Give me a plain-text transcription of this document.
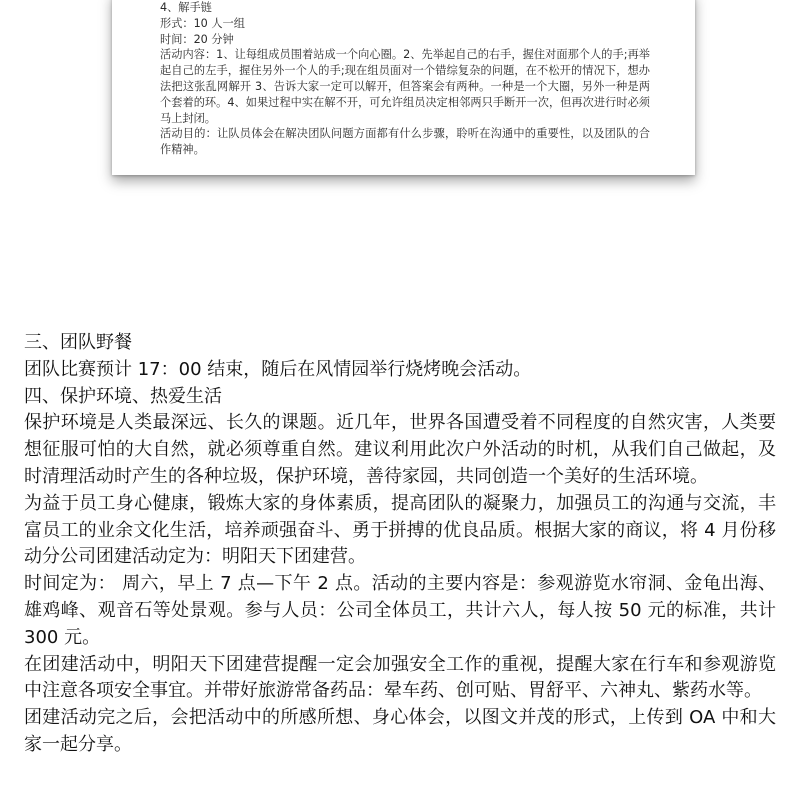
4、解手链

形式：10 人一组

时间：20 分钟

活动内容：1、让每组成员围着站成一个向心圈。2、先举起自己的右手，握住对面那个人的手;再举起自己的左手，握住另外一个人的手;现在组员面对一个错综复杂的问题，在不松开的情况下，想办法把这张乱网解开 3、告诉大家一定可以解开，但答案会有两种。一种是一个大圈，另外一种是两个套着的环。4、如果过程中实在解不开，可允许组员决定相邻两只手断开一次，但再次进行时必须马上封闭。

活动目的：让队员体会在解决团队问题方面都有什么步骤，聆听在沟通中的重要性，以及团队的合作精神。

三、团队野餐

团队比赛预计 17：00 结束，随后在风情园举行烧烤晚会活动。

四、保护环境、热爱生活

保护环境是人类最深远、长久的课题。近几年，世界各国遭受着不同程度的自然灾害，人类要想征服可怕的大自然，就必须尊重自然。建议利用此次户外活动的时机，从我们自己做起，及时清理活动时产生的各种垃圾，保护环境，善待家园，共同创造一个美好的生活环境。

为益于员工身心健康，锻炼大家的身体素质，提高团队的凝聚力，加强员工的沟通与交流，丰富员工的业余文化生活，培养顽强奋斗、勇于拼搏的优良品质。根据大家的商议，将 4 月份移动分公司团建活动定为：明阳天下团建营。

时间定为： 周六，早上 7 点—下午 2 点。活动的主要内容是：参观游览水帘洞、金龟出海、雄鸡峰、观音石等处景观。参与人员：公司全体员工，共计六人，每人按 50 元的标准，共计 300 元。

在团建活动中，明阳天下团建营提醒一定会加强安全工作的重视，提醒大家在行车和参观游览中注意各项安全事宜。并带好旅游常备药品：晕车药、创可贴、胃舒平、六神丸、紫药水等。

团建活动完之后，会把活动中的所感所想、身心体会，以图文并茂的形式，上传到 OA 中和大家一起分享。
